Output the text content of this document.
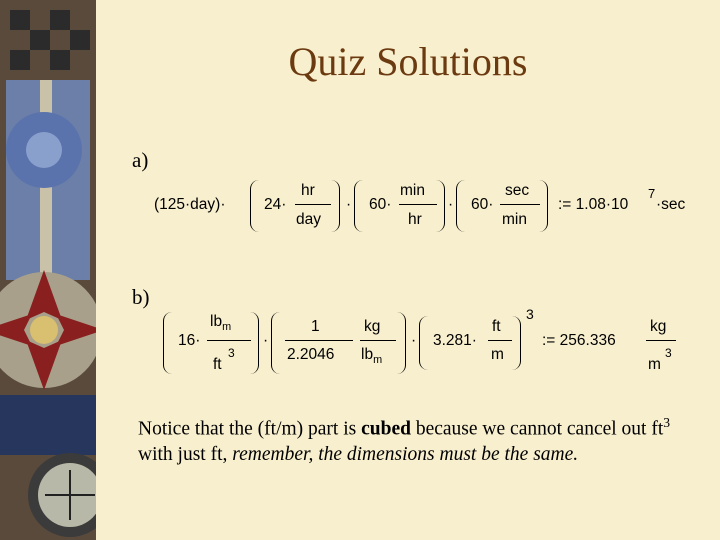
Quiz Solutions
a)
(125·day)· 24·
hr
day
· 60·
min
hr
· 60·
sec
min
:= 1.08·10
7
·sec
b)
16·
$lb_m$
ft
3
·
1
2.2046
kg
$lb_m$
· 3.281·
ft
m
3
:= 256.336
kg
m
3
Notice that the (ft/m) part is cubed because we cannot cancel out $ft^3$ with just ft, remember, the dimensions must be the same.
